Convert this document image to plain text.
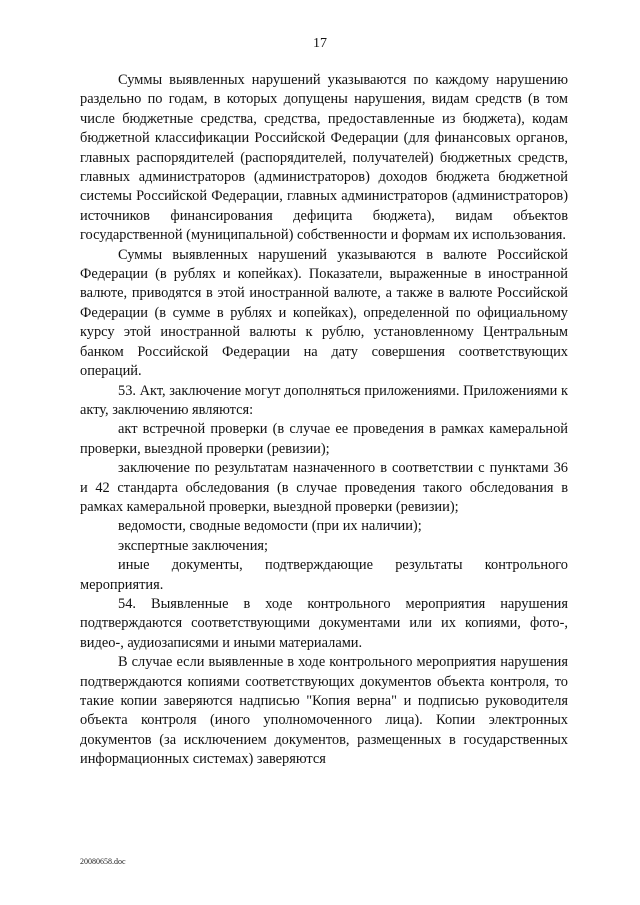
17

Суммы выявленных нарушений указываются по каждому нарушению раздельно по годам, в которых допущены нарушения, видам средств (в том числе бюджетные средства, средства, предоставленные из бюджета), кодам бюджетной классификации Российской Федерации (для финансовых органов, главных распорядителей (распорядителей, получателей) бюджетных средств, главных администраторов (администраторов) доходов бюджета бюджетной системы Российской Федерации, главных администраторов (администраторов) источников финансирования дефицита бюджета), видам объектов государственной (муниципальной) собственности и формам их использования.

Суммы выявленных нарушений указываются в валюте Российской Федерации (в рублях и копейках). Показатели, выраженные в иностранной валюте, приводятся в этой иностранной валюте, а также в валюте Российской Федерации (в сумме в рублях и копейках), определенной по официальному курсу этой иностранной валюты к рублю, установленному Центральным банком Российской Федерации на дату совершения соответствующих операций.

53. Акт, заключение могут дополняться приложениями. Приложениями к акту, заключению являются:

акт встречной проверки (в случае ее проведения в рамках камеральной проверки, выездной проверки (ревизии);

заключение по результатам назначенного в соответствии с пунктами 36 и 42 стандарта обследования (в случае проведения такого обследования в рамках камеральной проверки, выездной проверки (ревизии);

ведомости, сводные ведомости (при их наличии);

экспертные заключения;

иные документы, подтверждающие результаты контрольного мероприятия.

54. Выявленные в ходе контрольного мероприятия нарушения подтверждаются соответствующими документами или их копиями, фото-, видео-, аудиозаписями и иными материалами.

В случае если выявленные в ходе контрольного мероприятия нарушения подтверждаются копиями соответствующих документов объекта контроля, то такие копии заверяются надписью "Копия верна" и подписью руководителя объекта контроля (иного уполномоченного лица). Копии электронных документов (за исключением документов, размещенных в государственных информационных системах) заверяются

20080658.doc
